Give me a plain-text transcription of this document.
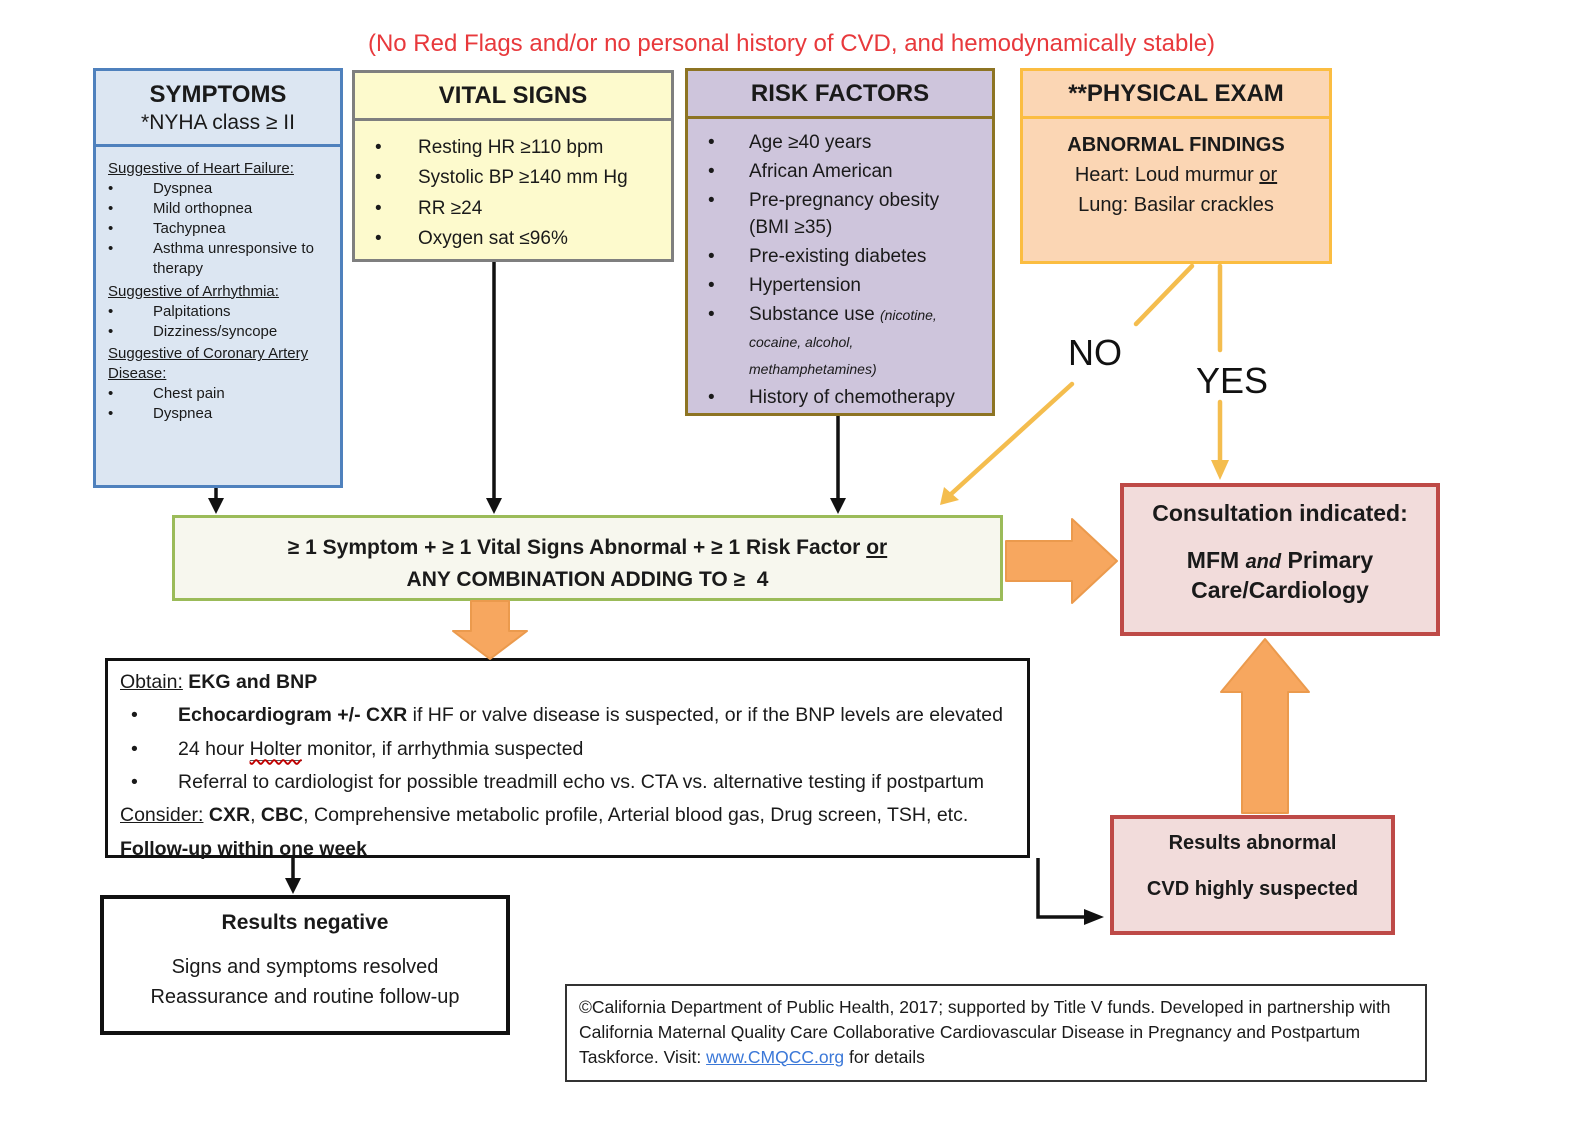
(No Red Flags and/or no personal history of CVD, and hemodynamically stable)
SYMPTOMS
*NYHA class ≥ II
Suggestive of Heart Failure:
•	Dyspnea
•	Mild orthopnea
•	Tachypnea
•	Asthma unresponsive to therapy
Suggestive of Arrhythmia:
•	Palpitations
•	Dizziness/syncope
Suggestive of Coronary Artery Disease:
•	Chest pain
•	Dyspnea
VITAL SIGNS
•	Resting HR ≥110 bpm
•	Systolic BP ≥140 mm Hg
•	RR ≥24
•	Oxygen sat ≤96%
RISK FACTORS
•	Age ≥40 years
•	African American
•	Pre-pregnancy obesity (BMI ≥35)
•	Pre-existing diabetes
•	Hypertension
•	Substance use (nicotine, cocaine, alcohol, methamphetamines)
•	History of chemotherapy
**PHYSICAL EXAM
ABNORMAL FINDINGS
Heart: Loud murmur or
Lung: Basilar crackles
NO
YES
≥ 1 Symptom + ≥ 1 Vital Signs Abnormal + ≥ 1 Risk Factor or
ANY COMBINATION ADDING TO ≥  4
Consultation indicated:
MFM and Primary
Care/Cardiology
Obtain: EKG and BNP
•	Echocardiogram +/- CXR if HF or valve disease is suspected, or if the BNP levels are elevated
•	24 hour Holter monitor, if arrhythmia suspected
•	Referral to cardiologist for possible treadmill echo vs. CTA vs. alternative testing if postpartum
Consider: CXR, CBC, Comprehensive metabolic profile, Arterial blood gas, Drug screen, TSH, etc.
Follow-up within one week
Results negative
Signs and symptoms resolved
Reassurance and routine follow-up
Results abnormal
CVD highly suspected
©California Department of Public Health, 2017; supported by Title V funds. Developed in partnership with California Maternal Quality Care Collaborative Cardiovascular Disease in Pregnancy and Postpartum Taskforce. Visit: www.CMQCC.org for details
